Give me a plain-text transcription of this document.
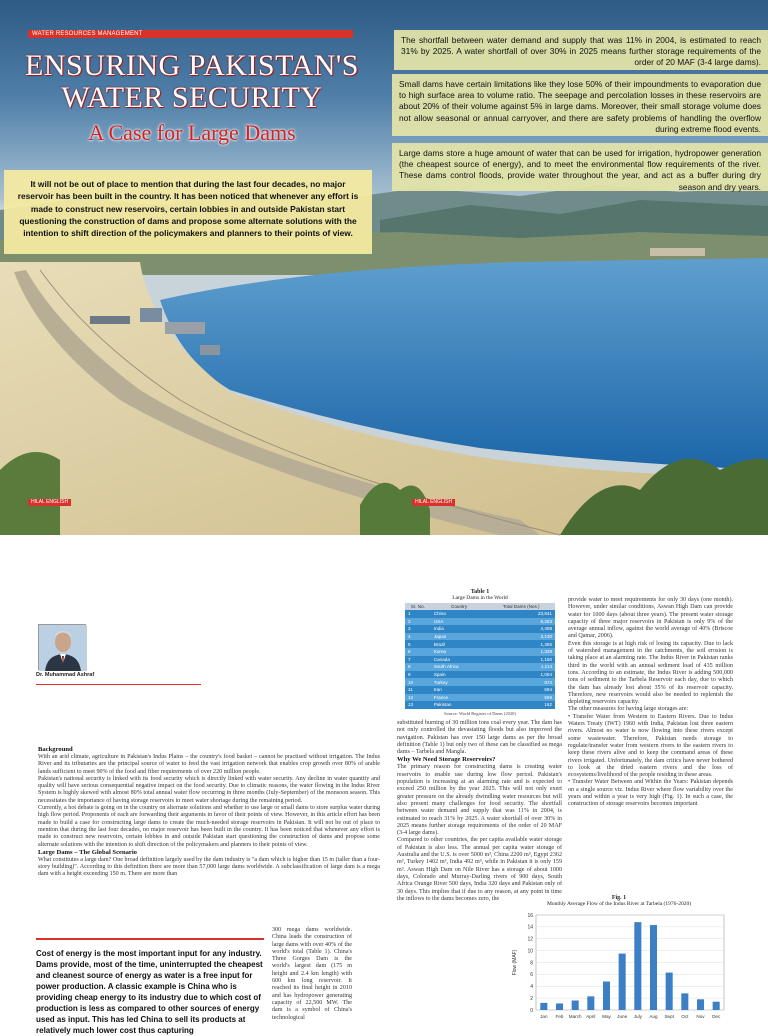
WATER RESOURCES MANAGEMENT
ENSURING PAKISTAN'S
WATER SECURITY
A Case for Large Dams
It will not be out of place to mention that during the last four decades, no major reservoir has been built in the country. It has been noticed that whenever any effort is made to construct new reservoirs, certain lobbies in and outside Pakistan start questioning the construction of dams and propose some alternate solutions with the intention to shift direction of the policymakers and planners to their points of view.
The shortfall between water demand and supply that was 11% in 2004, is estimated to reach 31% by 2025. A water shortfall of over 30% in 2025 means further storage requirements of the order of 20 MAF (3-4 large dams).
Small dams have certain limitations like they lose 50% of their impoundments to evaporation due to high surface area to volume ratio. The seepage and percolation losses in these reservoirs are about 20% of their volume against 5% in large dams. Moreover, their small storage volume does not allow seasonal or annual carryover, and there are safety problems of handling the overflow during extreme flood events.
Large dams store a huge amount of water that can be used for irrigation, hydropower generation (the cheapest source of energy), and to meet the environmental flow requirements of the river. These dams control floods, provide water throughout the year, and act as a buffer during dry season and dry years.
HILAL ENGLISH	HILAL ENGLISH
Dr. Muhammad Ashraf
Background

With an arid climate, agriculture in Pakistan's Indus Plains – the country's food basket – cannot be practised without irrigation. The Indus River and its tributaries are the principal source of water to feed the vast irrigation network that enables crop growth over 80% of arable lands sufficient to meet 90% of the food and fiber requirements of over 220 million people.

Pakistan's national security is linked with its food security which is directly linked with water security. Any decline in water quantity and quality will have serious consequential negative impact on the food security. Due to climatic reasons, the water flowing in the Indus River System is highly skewed with almost 80% total annual water flow occurring in three months (July-September) of the monsoon season. This necessitates the importance of having storage reservoirs to meet water shortage during the remaining period.

Currently, a hot debate is going on in the country on alternate solutions and whether to use large or small dams to store surplus water during high flow period. Proponents of each are forwarding their arguments in favor of their points of view. However, in this article effort has been made to build a case for constructing large dams to create the much-needed storage reservoirs in Pakistan. It will not be out of place to mention that during the last four decades, no major reservoir has been built in the country. It has been noticed that whenever any effort is made to construct new reservoirs, certain lobbies in and outside Pakistan start questioning the construction of dams and propose some alternate solutions with the intention to shift direction of the policymakers and planners to their points of view.

Large Dams – The Global Scenario

What constitutes a large dam? One broad definition largely used by the dam industry is "a dam which is higher than 15 m (taller than a four-story building)". According to this definition there are more than 57,000 large dams worldwide. A subclassification of large dam is a mega dam with a height exceeding 150 m. There are more than

300 mega dams worldwide. China leads the construction of large dams with over 40% of the world's total (Table 1). China's Three Gorges Dam is the world's largest dam (175 m height and 2.4 km length) with 600 km long reservoir. It reached its final height in 2010 and has hydropower generating capacity of 22,500 MW. The dam is a symbol of China's technological

substituted burning of 30 million tons coal every year. The dam has not only controlled the devastating floods but also improved the navigation. Pakistan has over 150 large dams as per the broad definition (Table 1) but only two of these can be classified as mega dams – Tarbela and Mangla.

Why We Need Storage Reservoirs?

The primary reason for constructing dams is creating water reservoirs to enable use during low flow period. Pakistan's population is increasing at an alarming rate and is expected to exceed 250 million by the year 2025. This will not only exert greater pressure on the already dwindling water resources but will also present many challenges for food security. The shortfall between water demand and supply that was 11% in 2004, is estimated to reach 31% by 2025. A water shortfall of over 30% in 2025 means further storage requirements of the order of 20 MAF (3-4 large dams).

Compared to other countries, the per capita available water storage of Pakistan is also less. The annual per capita water storage of Australia and the U.S. is over 5000 m³, China 2200 m³, Egypt 2362 m³, Turkey 1402 m³, India 492 m³, while in Pakistan it is only 159 m³. Aswan High Dam on Nile River has a storage of about 1000 days, Colorado and Murray-Darling rivers of 900 days, South Africa Orange River 500 days, India 320 days and Pakistan only of 30 days. This implies that if due to any reason, at any point in time the inflows to the dams becomes zero, the

provide water to meet requirements for only 30 days (one month). However, under similar conditions, Aswan High Dam can provide water for 1000 days (about three years). The present water storage capacity of three major reservoirs in Pakistan is only 9% of the average annual inflow, against the world average of 40% (Briscoe and Qamar, 2006).

Even this storage is at high risk of losing its capacity. Due to lack of watershed management in the catchments, the soil erosion is taking place at an alarming rate. The Indus River in Pakistan ranks third in the world with an annual sediment load of 435 million tons. According to an estimate, the Indus River is adding 500,000 tons of sediment to the Tarbela Reservoir each day, due to which the dam has already lost about 35% of its reservoir capacity. Therefore, new reservoirs would also be needed to replenish the depleting reservoirs capacity.

The other measures for having large storages are:

• Transfer Water from Western to Eastern Rivers. Due to Indus Waters Treaty (IWT) 1960 with India, Pakistan lost three eastern rivers. Almost no water is now flowing into these rivers except some wastewater. Therefore, Pakistan needs storage to regulate/transfer water from western rivers to the eastern rivers to keep these rivers alive and to keep the command areas of these rivers irrigated. Unfortunately, the dam critics have never bothered to look at the dried eastern rivers and the loss of ecosystems/livelihood of the people residing in these areas.

• Transfer Water Between and Within the Years: Pakistan depends on a single source viz. Indus River where flow variability over the years and within a year is very high (Fig. 1). In such a case, the construction of storage reservoirs becomes important

Cost of energy is the most important input for any industry. Dams provide, most of the time, uninterrupted the cheapest and cleanest source of energy as water is a free input for power production. A classic example is China who is providing cheap energy to its industry due to which cost of production is less as compared to other sources of energy used as input. This has led China to sell its products at relatively much lower cost thus capturing
Table 1
Large Dams in the World
Sr. No.	Country	Total Dams (Nos.)
1	China	23,841
2	USA	9,263
3	India	4,408
4	Japan	3,130
5	Brazil	1,365
6	Korea	1,338
7	Canada	1,150
8	South Africa	1,114
9	Spain	1,064
10	Turkey	974
11	Iran	594
12	France	569
13	Pakistan	162
Source: World Register of Dams (2020)
Fig. 1
Monthly Average Flow of the Indus River at Tarbela (1976-2020)
0
2
4
6
8
10
12
14
16
Flow (MAF)
Jan Feb March April May June July Aug Sept Oct Nov Dec
